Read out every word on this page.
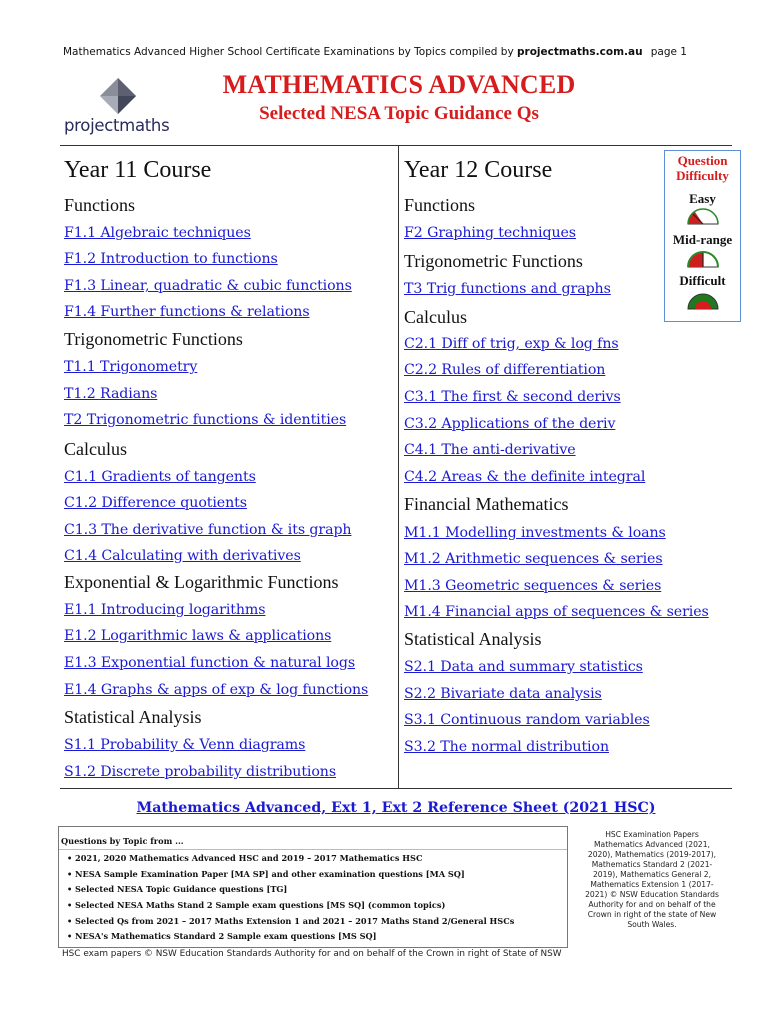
Mathematics Advanced Higher School Certificate Examinations by Topics compiled by projectmaths.com.au page 1
projectmaths
MATHEMATICS ADVANCED
Selected NESA Topic Guidance Qs
Year 11 Course
Functions
F1.1 Algebraic techniques
F1.2 Introduction to functions
F1.3 Linear, quadratic & cubic functions
F1.4 Further functions & relations
Trigonometric Functions
T1.1 Trigonometry
T1.2 Radians
T2 Trigonometric functions & identities
Calculus
C1.1 Gradients of tangents
C1.2 Difference quotients
C1.3 The derivative function & its graph
C1.4 Calculating with derivatives
Exponential & Logarithmic Functions
E1.1 Introducing logarithms
E1.2 Logarithmic laws & applications
E1.3 Exponential function & natural logs
E1.4 Graphs & apps of exp & log functions
Statistical Analysis
S1.1 Probability & Venn diagrams
S1.2 Discrete probability distributions
Year 12 Course
Functions
F2 Graphing techniques
Trigonometric Functions
T3 Trig functions and graphs
Calculus
C2.1 Diff of trig, exp & log fns
C2.2 Rules of differentiation
C3.1 The first & second derivs
C3.2 Applications of the deriv
C4.1 The anti-derivative
C4.2 Areas & the definite integral
Financial Mathematics
M1.1 Modelling investments & loans
M1.2 Arithmetic sequences & series
M1.3 Geometric sequences & series
M1.4 Financial apps of sequences & series
Statistical Analysis
S2.1 Data and summary statistics
S2.2 Bivariate data analysis
S3.1 Continuous random variables
S3.2 The normal distribution
Question
Difficulty
Easy
Mid-range
Difficult
Mathematics Advanced, Ext 1, Ext 2 Reference Sheet (2021 HSC)
Questions by Topic from ...
• 2021, 2020 Mathematics Advanced HSC and 2019 – 2017 Mathematics HSC
• NESA Sample Examination Paper [MA SP] and other examination questions [MA SQ]
• Selected NESA Topic Guidance questions [TG]
• Selected NESA Maths Stand 2 Sample exam questions [MS SQ] (common topics)
• Selected Qs from 2021 – 2017 Maths Extension 1 and 2021 – 2017 Maths Stand 2/General HSCs
• NESA's Mathematics Standard 2 Sample exam questions [MS SQ]
HSC Examination Papers Mathematics Advanced (2021, 2020), Mathematics (2019-2017), Mathematics Standard 2 (2021-2019), Mathematics General 2, Mathematics Extension 1 (2017-2021) © NSW Education Standards Authority for and on behalf of the Crown in right of the state of New South Wales.
HSC exam papers © NSW Education Standards Authority for and on behalf of the Crown in right of State of NSW
